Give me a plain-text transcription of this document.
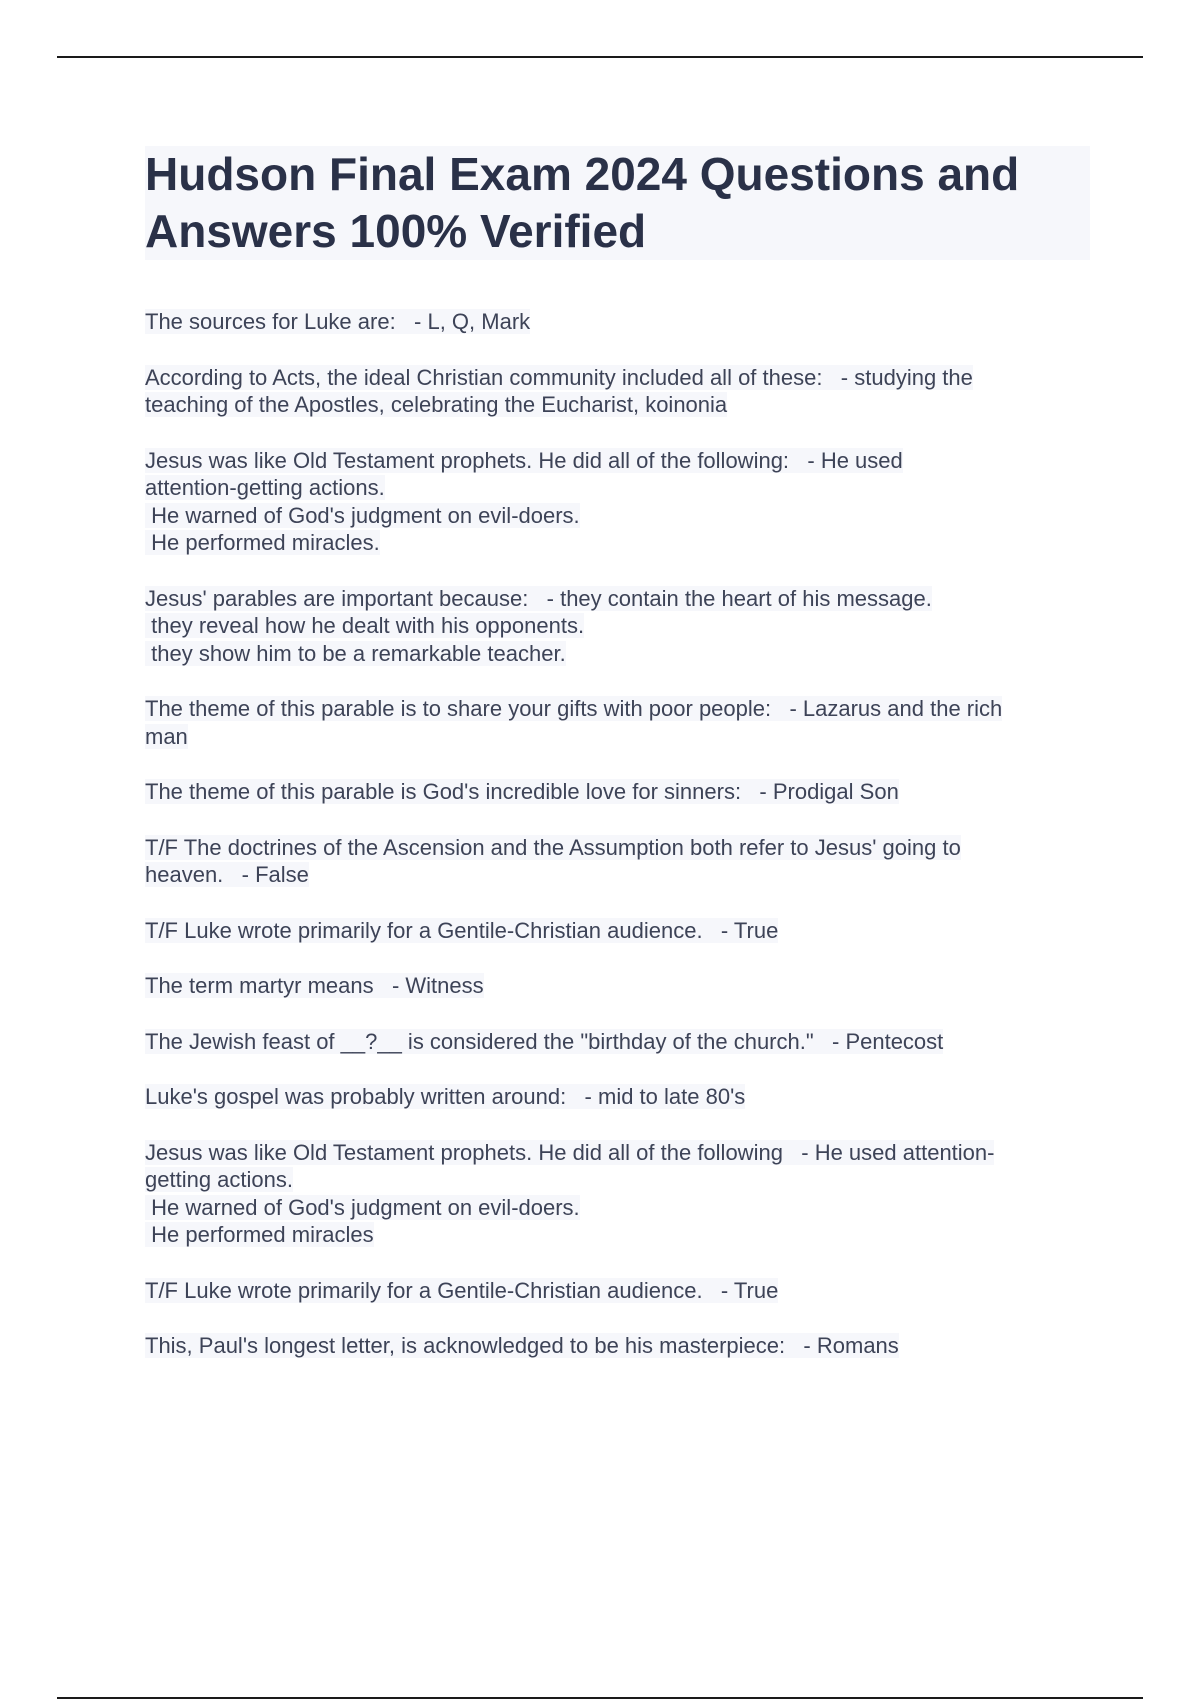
Hudson Final Exam 2024 Questions and Answers 100% Verified
The sources for Luke are:   - L, Q, Mark
According to Acts, the ideal Christian community included all of these:   - studying the
teaching of the Apostles, celebrating the Eucharist, koinonia
Jesus was like Old Testament prophets. He did all of the following:   - He used
attention-getting actions.
He warned of God's judgment on evil-doers.
He performed miracles.
Jesus' parables are important because:   - they contain the heart of his message.
they reveal how he dealt with his opponents.
they show him to be a remarkable teacher.
The theme of this parable is to share your gifts with poor people:   - Lazarus and the rich
man
The theme of this parable is God's incredible love for sinners:   - Prodigal Son
T/F The doctrines of the Ascension and the Assumption both refer to Jesus' going to
heaven.   - False
T/F Luke wrote primarily for a Gentile-Christian audience.   - True
The term martyr means   - Witness
The Jewish feast of __?__ is considered the "birthday of the church."   - Pentecost
Luke's gospel was probably written around:   - mid to late 80's
Jesus was like Old Testament prophets. He did all of the following   - He used attention-
getting actions.
He warned of God's judgment on evil-doers.
He performed miracles
T/F Luke wrote primarily for a Gentile-Christian audience.   - True
This, Paul's longest letter, is acknowledged to be his masterpiece:   - Romans
